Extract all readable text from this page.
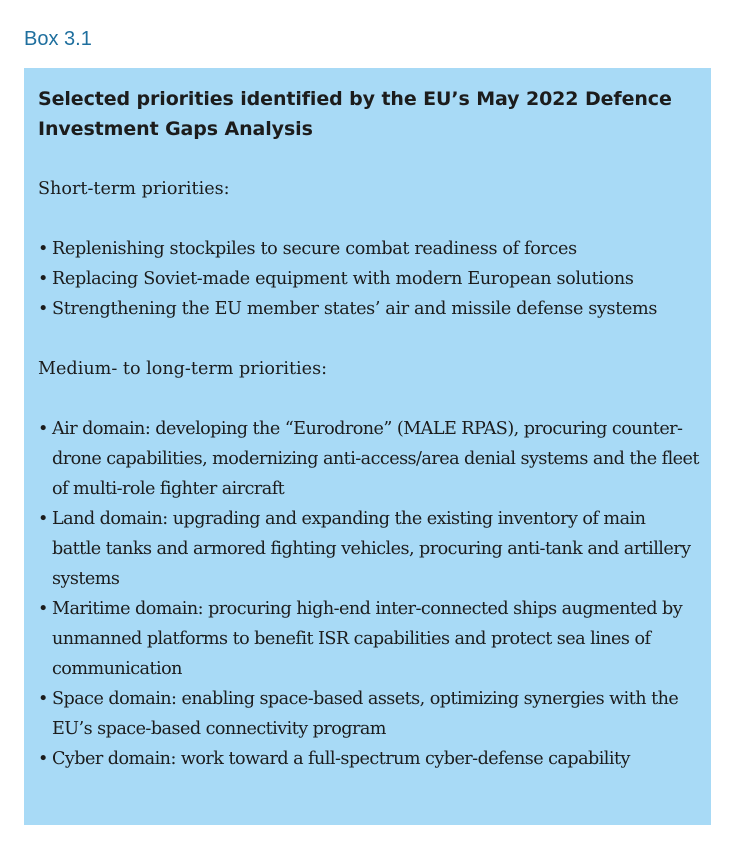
Box 3.1
Selected priorities identified by the EU’s May 2022 Defence Investment Gaps Analysis
Short-term priorities:
• Replenishing stockpiles to secure combat readiness of forces
• Replacing Soviet-made equipment with modern European solutions
• Strengthening the EU member states’ air and missile defense systems
Medium- to long-term priorities:
• Air domain: developing the “Eurodrone” (MALE RPAS), procuring counter-drone capabilities, modernizing anti-access/area denial systems and the fleet of multi-role fighter aircraft
• Land domain: upgrading and expanding the existing inventory of main battle tanks and armored fighting vehicles, procuring anti-tank and artillery systems
• Maritime domain: procuring high-end inter-connected ships augmented by unmanned platforms to benefit ISR capabilities and protect sea lines of communication
• Space domain: enabling space-based assets, optimizing synergies with the EU’s space-based connectivity program
• Cyber domain: work toward a full-spectrum cyber-defense capability
